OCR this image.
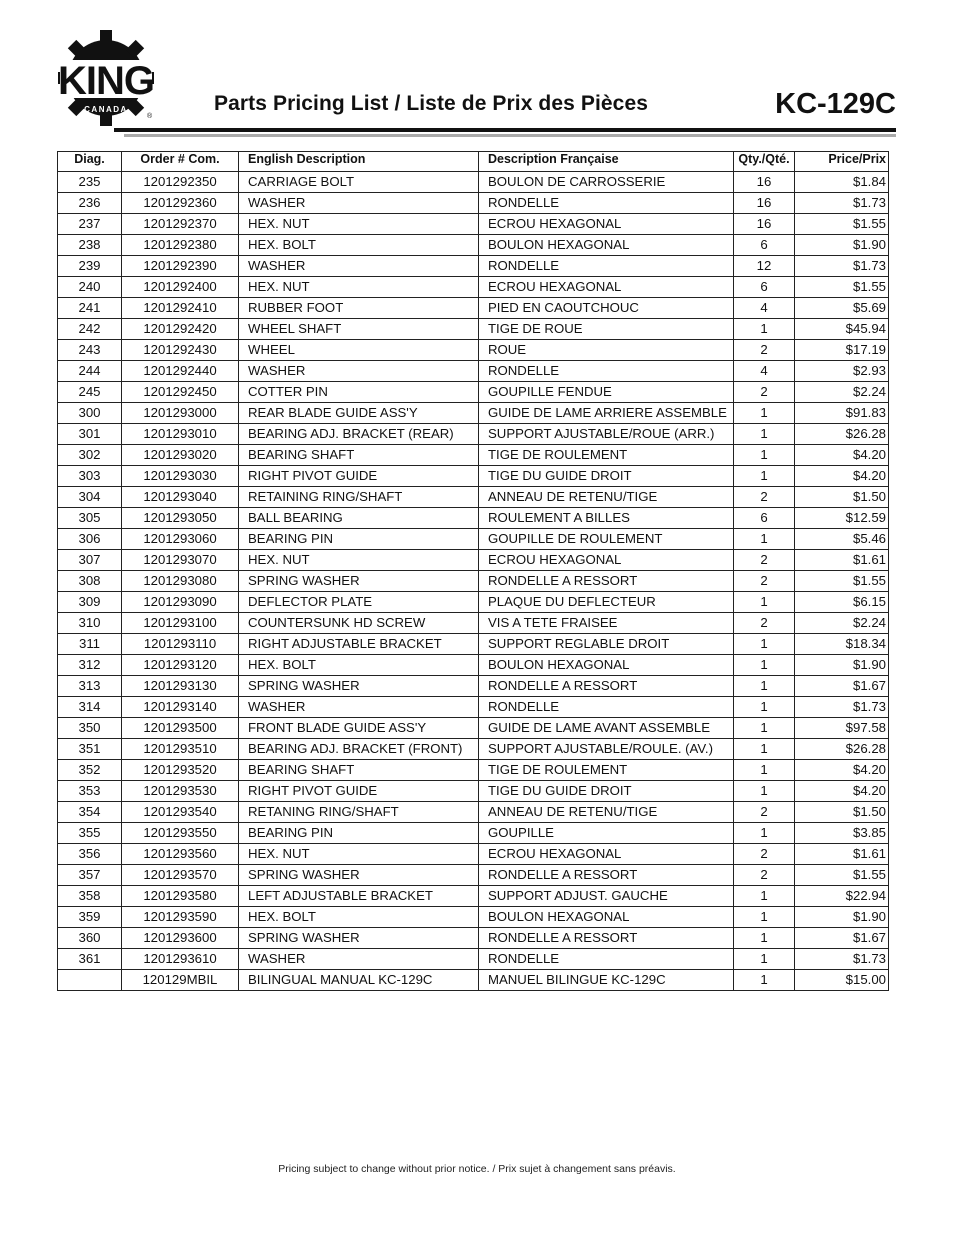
KING
CANADA
®
Parts Pricing List / Liste de Prix des Pièces	KC-129C
Diag.	Order # Com.	English Description	Description Française	Qty./Qté.	Price/Prix
235	1201292350	CARRIAGE BOLT	BOULON DE CARROSSERIE	16	$1.84
236	1201292360	WASHER	RONDELLE	16	$1.73
237	1201292370	HEX. NUT	ECROU HEXAGONAL	16	$1.55
238	1201292380	HEX. BOLT	BOULON HEXAGONAL	6	$1.90
239	1201292390	WASHER	RONDELLE	12	$1.73
240	1201292400	HEX. NUT	ECROU HEXAGONAL	6	$1.55
241	1201292410	RUBBER FOOT	PIED EN CAOUTCHOUC	4	$5.69
242	1201292420	WHEEL SHAFT	TIGE DE ROUE	1	$45.94
243	1201292430	WHEEL	ROUE	2	$17.19
244	1201292440	WASHER	RONDELLE	4	$2.93
245	1201292450	COTTER PIN	GOUPILLE FENDUE	2	$2.24
300	1201293000	REAR BLADE GUIDE ASS'Y	GUIDE DE LAME ARRIERE ASSEMBLE	1	$91.83
301	1201293010	BEARING ADJ. BRACKET (REAR)	SUPPORT AJUSTABLE/ROUE (ARR.)	1	$26.28
302	1201293020	BEARING SHAFT	TIGE DE ROULEMENT	1	$4.20
303	1201293030	RIGHT PIVOT GUIDE	TIGE DU GUIDE DROIT	1	$4.20
304	1201293040	RETAINING RING/SHAFT	ANNEAU DE RETENU/TIGE	2	$1.50
305	1201293050	BALL BEARING	ROULEMENT A BILLES	6	$12.59
306	1201293060	BEARING PIN	GOUPILLE DE ROULEMENT	1	$5.46
307	1201293070	HEX. NUT	ECROU HEXAGONAL	2	$1.61
308	1201293080	SPRING WASHER	RONDELLE A RESSORT	2	$1.55
309	1201293090	DEFLECTOR PLATE	PLAQUE DU DEFLECTEUR	1	$6.15
310	1201293100	COUNTERSUNK HD SCREW	VIS A TETE FRAISEE	2	$2.24
311	1201293110	RIGHT ADJUSTABLE BRACKET	SUPPORT REGLABLE DROIT	1	$18.34
312	1201293120	HEX. BOLT	BOULON HEXAGONAL	1	$1.90
313	1201293130	SPRING WASHER	RONDELLE A RESSORT	1	$1.67
314	1201293140	WASHER	RONDELLE	1	$1.73
350	1201293500	FRONT BLADE GUIDE ASS'Y	GUIDE DE LAME AVANT ASSEMBLE	1	$97.58
351	1201293510	BEARING ADJ. BRACKET (FRONT)	SUPPORT AJUSTABLE/ROULE. (AV.)	1	$26.28
352	1201293520	BEARING SHAFT	TIGE DE ROULEMENT	1	$4.20
353	1201293530	RIGHT PIVOT GUIDE	TIGE DU GUIDE DROIT	1	$4.20
354	1201293540	RETANING RING/SHAFT	ANNEAU DE RETENU/TIGE	2	$1.50
355	1201293550	BEARING PIN	GOUPILLE	1	$3.85
356	1201293560	HEX. NUT	ECROU HEXAGONAL	2	$1.61
357	1201293570	SPRING WASHER	RONDELLE A RESSORT	2	$1.55
358	1201293580	LEFT ADJUSTABLE BRACKET	SUPPORT ADJUST. GAUCHE	1	$22.94
359	1201293590	HEX. BOLT	BOULON HEXAGONAL	1	$1.90
360	1201293600	SPRING WASHER	RONDELLE A RESSORT	1	$1.67
361	1201293610	WASHER	RONDELLE	1	$1.73
	120129MBIL	BILINGUAL MANUAL KC-129C	MANUEL BILINGUE KC-129C	1	$15.00
Pricing subject to change without prior notice. / Prix sujet à changement sans préavis.
